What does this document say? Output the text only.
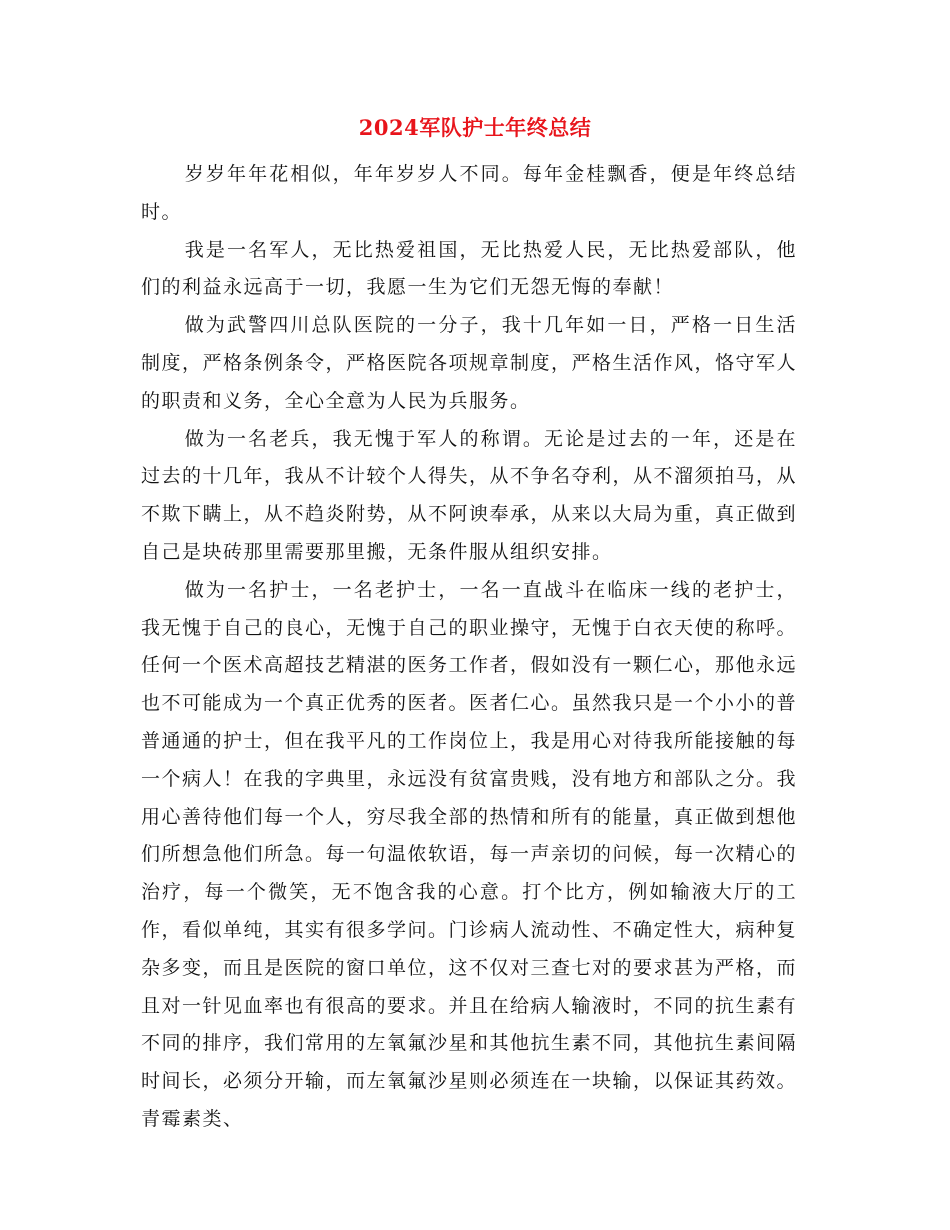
2024军队护士年终总结

岁岁年年花相似，年年岁岁人不同。每年金桂飘香，便是年终总结时。

我是一名军人，无比热爱祖国，无比热爱人民，无比热爱部队，他们的利益永远高于一切，我愿一生为它们无怨无悔的奉献！

做为武警四川总队医院的一分子，我十几年如一日，严格一日生活制度，严格条例条令，严格医院各项规章制度，严格生活作风，恪守军人的职责和义务，全心全意为人民为兵服务。

做为一名老兵，我无愧于军人的称谓。无论是过去的一年，还是在过去的十几年，我从不计较个人得失，从不争名夺利，从不溜须拍马，从不欺下瞒上，从不趋炎附势，从不阿谀奉承，从来以大局为重，真正做到自己是块砖那里需要那里搬，无条件服从组织安排。

做为一名护士，一名老护士，一名一直战斗在临床一线的老护士，我无愧于自己的良心，无愧于自己的职业操守，无愧于白衣天使的称呼。任何一个医术高超技艺精湛的医务工作者，假如没有一颗仁心，那他永远也不可能成为一个真正优秀的医者。医者仁心。虽然我只是一个小小的普普通通的护士，但在我平凡的工作岗位上，我是用心对待我所能接触的每一个病人！在我的字典里，永远没有贫富贵贱，没有地方和部队之分。我用心善待他们每一个人，穷尽我全部的热情和所有的能量，真正做到想他们所想急他们所急。每一句温侬软语，每一声亲切的问候，每一次精心的治疗，每一个微笑，无不饱含我的心意。打个比方，例如输液大厅的工作，看似单纯，其实有很多学问。门诊病人流动性、不确定性大，病种复杂多变，而且是医院的窗口单位，这不仅对三查七对的要求甚为严格，而且对一针见血率也有很高的要求。并且在给病人输液时，不同的抗生素有不同的排序，我们常用的左氧氟沙星和其他抗生素不同，其他抗生素间隔时间长，必须分开输，而左氧氟沙星则必须连在一块输，以保证其药效。青霉素类、
